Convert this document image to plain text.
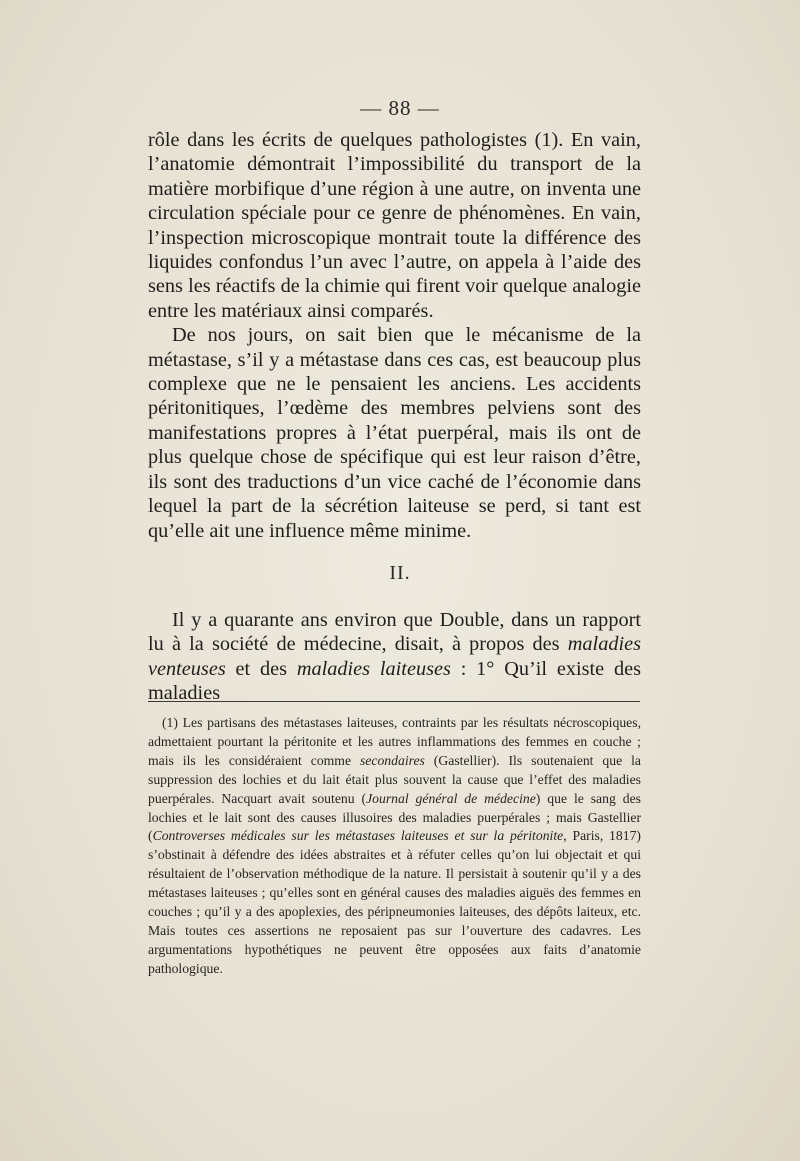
— 88 —

rôle dans les écrits de quelques pathologistes (1). En vain, l’anatomie démontrait l’impossibilité du transport de la matière morbifique d’une région à une autre, on inventa une circulation spéciale pour ce genre de phénomènes. En vain, l’inspection microscopique montrait toute la différence des liquides confondus l’un avec l’autre, on appela à l’aide des sens les réactifs de la chimie qui firent voir quelque analogie entre les matériaux ainsi comparés.

De nos jours, on sait bien que le mécanisme de la métastase, s’il y a métastase dans ces cas, est beaucoup plus complexe que ne le pensaient les anciens. Les accidents péritonitiques, l’œdème des membres pelviens sont des manifestations propres à l’état puerpéral, mais ils ont de plus quelque chose de spécifique qui est leur raison d’être, ils sont des traductions d’un vice caché de l’économie dans lequel la part de la sécrétion laiteuse se perd, si tant est qu’elle ait une influence même minime.

II.

Il y a quarante ans environ que Double, dans un rapport lu à la société de médecine, disait, à propos des maladies venteuses et des maladies laiteuses : 1° Qu’il existe des maladies

(1) Les partisans des métastases laiteuses, contraints par les résultats nécroscopiques, admettaient pourtant la péritonite et les autres inflammations des femmes en couche ; mais ils les considéraient comme secondaires (Gastellier). Ils soutenaient que la suppression des lochies et du lait était plus souvent la cause que l’effet des maladies puerpérales. Nacquart avait soutenu (Journal général de médecine) que le sang des lochies et le lait sont des causes illusoires des maladies puerpérales ; mais Gastellier (Controverses médicales sur les métastases laiteuses et sur la péritonite, Paris, 1817) s’obstinait à défendre des idées abstraites et à réfuter celles qu’on lui objectait et qui résultaient de l’observation méthodique de la nature. Il persistait à soutenir qu’il y a des métastases laiteuses ; qu’elles sont en général causes des maladies aiguës des femmes en couches ; qu’il y a des apoplexies, des péripneumonies laiteuses, des dépôts laiteux, etc. Mais toutes ces assertions ne reposaient pas sur l’ouverture des cadavres. Les argumentations hypothétiques ne peuvent être opposées aux faits d’anatomie pathologique.
